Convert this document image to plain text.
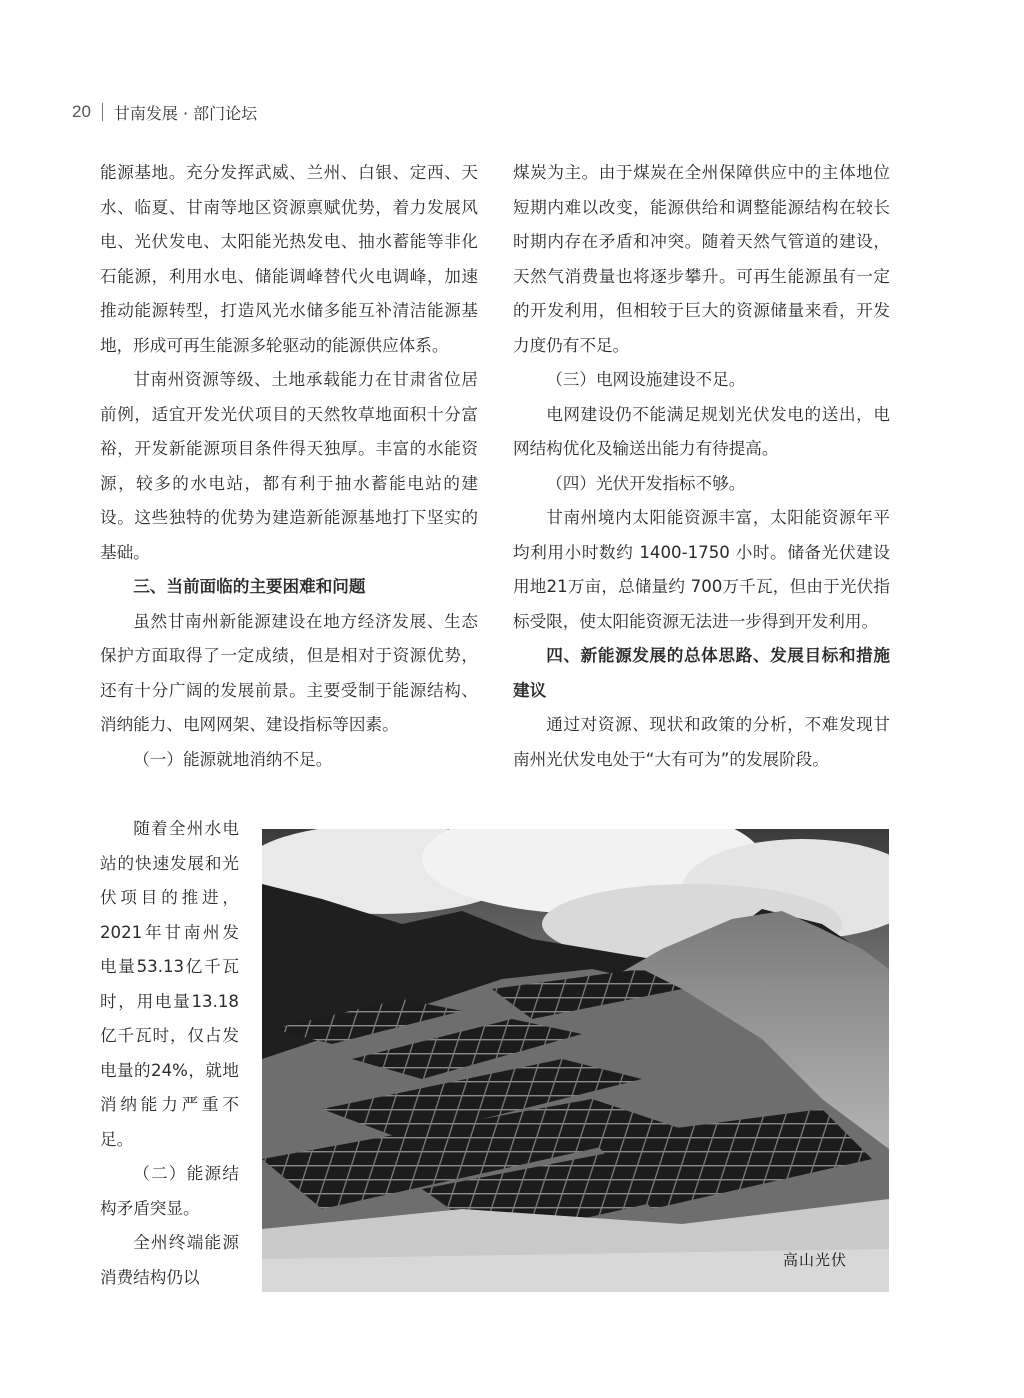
20 甘南发展 · 部门论坛

能源基地。充分发挥武威、兰州、白银、定西、天水、临夏、甘南等地区资源禀赋优势，着力发展风电、光伏发电、太阳能光热发电、抽水蓄能等非化石能源，利用水电、储能调峰替代火电调峰，加速推动能源转型，打造风光水储多能互补清洁能源基地，形成可再生能源多轮驱动的能源供应体系。

甘南州资源等级、土地承载能力在甘肃省位居前例，适宜开发光伏项目的天然牧草地面积十分富裕，开发新能源项目条件得天独厚。丰富的水能资源，较多的水电站，都有利于抽水蓄能电站的建设。这些独特的优势为建造新能源基地打下坚实的基础。

三、当前面临的主要困难和问题

虽然甘南州新能源建设在地方经济发展、生态保护方面取得了一定成绩，但是相对于资源优势，还有十分广阔的发展前景。主要受制于能源结构、消纳能力、电网网架、建设指标等因素。

（一）能源就地消纳不足。

随着全州水电站的快速发展和光伏项目的推进，2021年甘南州发电量53.13亿千瓦时，用电量13.18亿千瓦时，仅占发电量的24%，就地消纳能力严重不足。

（二）能源结构矛盾突显。

全州终端能源消费结构仍以

煤炭为主。由于煤炭在全州保障供应中的主体地位短期内难以改变，能源供给和调整能源结构在较长时期内存在矛盾和冲突。随着天然气管道的建设，天然气消费量也将逐步攀升。可再生能源虽有一定的开发利用，但相较于巨大的资源储量来看，开发力度仍有不足。

（三）电网设施建设不足。

电网建设仍不能满足规划光伏发电的送出，电网结构优化及输送出能力有待提高。

（四）光伏开发指标不够。

甘南州境内太阳能资源丰富，太阳能资源年平均利用小时数约 1400-1750 小时。储备光伏建设用地21万亩，总储量约 700万千瓦，但由于光伏指标受限，使太阳能资源无法进一步得到开发利用。

四、新能源发展的总体思路、发展目标和措施建议

通过对资源、现状和政策的分析，不难发现甘南州光伏发电处于“大有可为”的发展阶段。

高山光伏
